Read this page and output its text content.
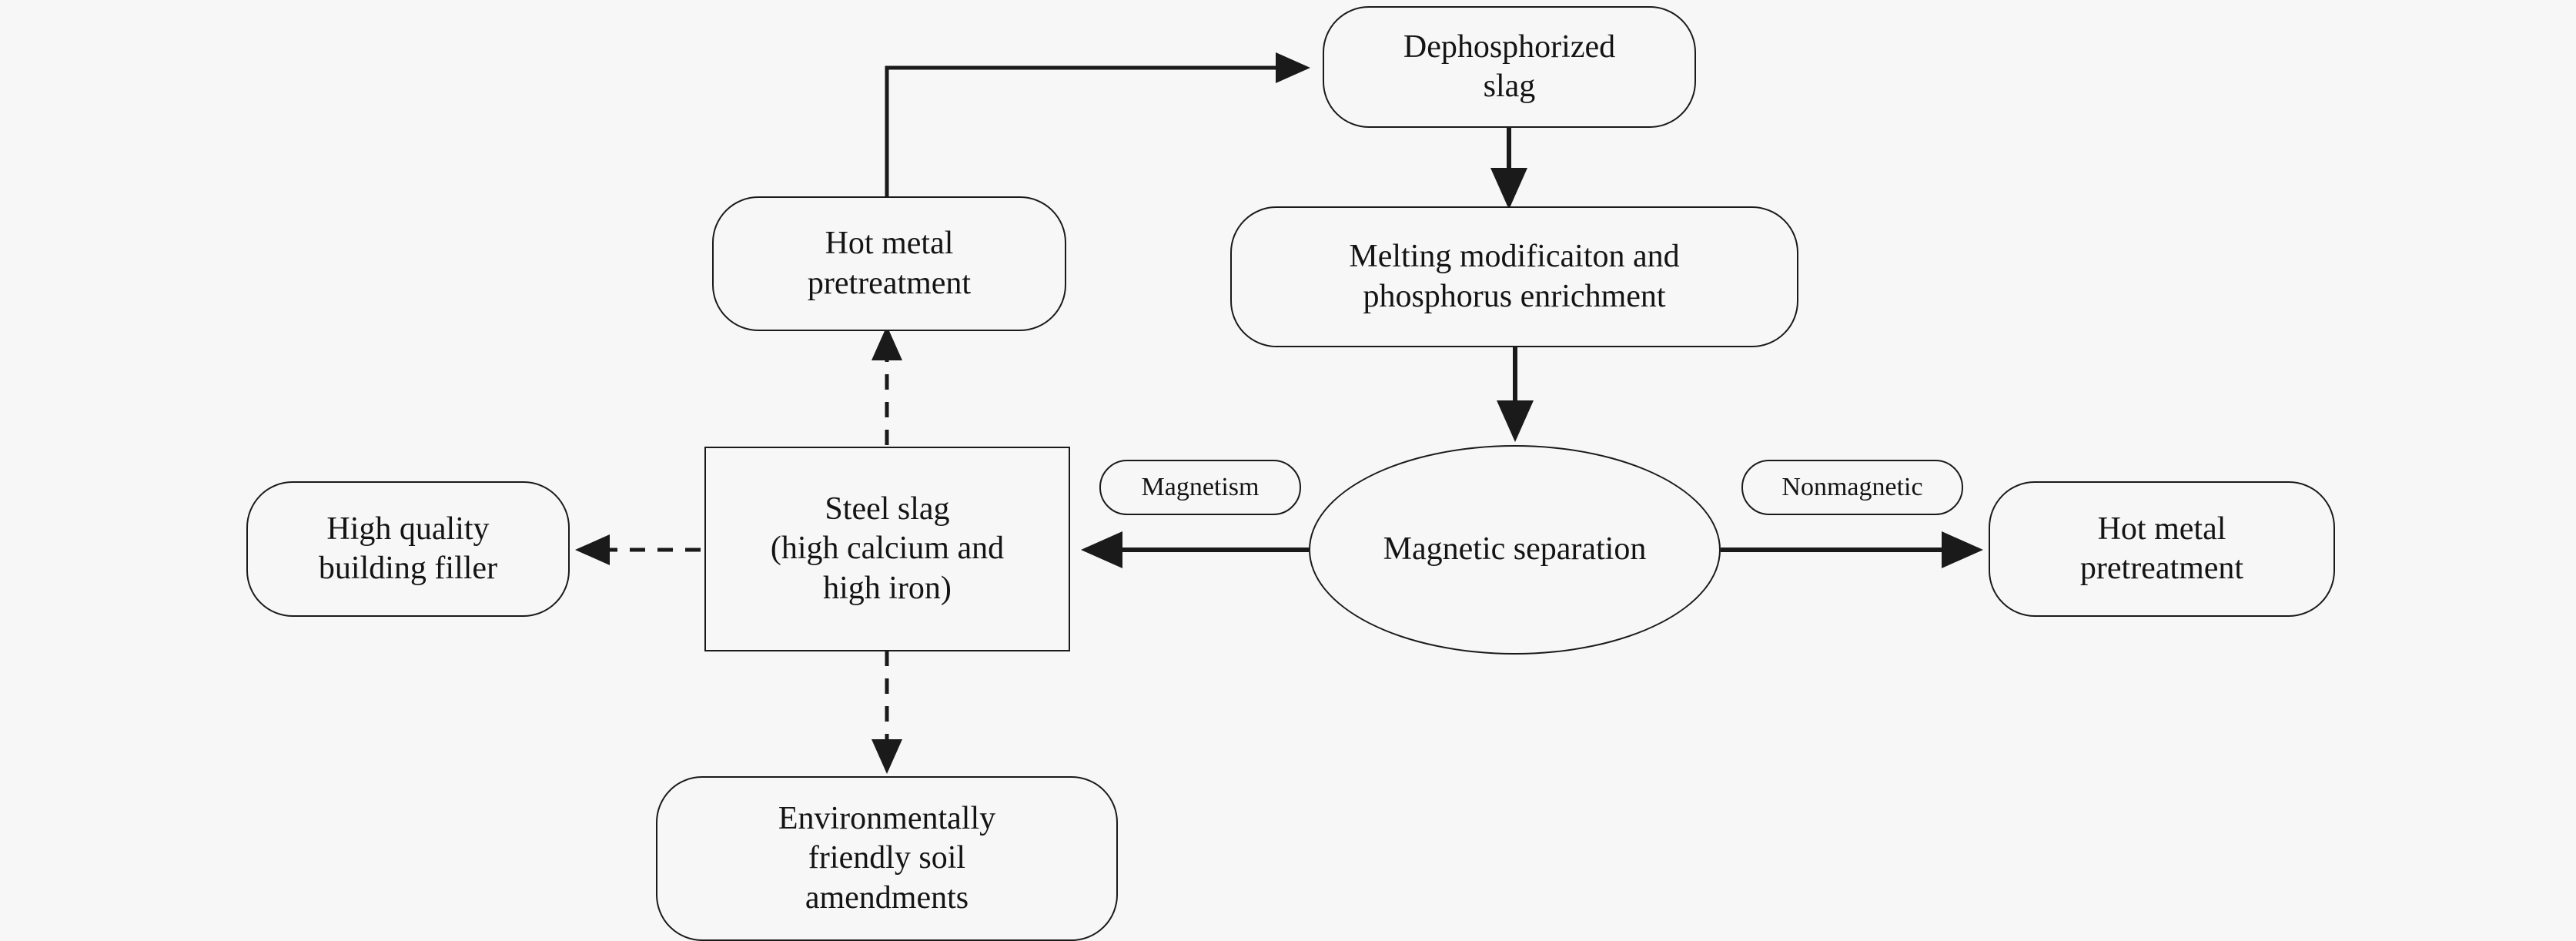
Dephosphorized
slag
Hot metal
pretreatment
Melting modificaiton and
phosphorus enrichment
Steel slag
(high calcium and
high iron)
Magnetic separation
High quality
building filler
Hot metal
pretreatment
Environmentally
friendly soil
amendments
Magnetism	Nonmagnetic
